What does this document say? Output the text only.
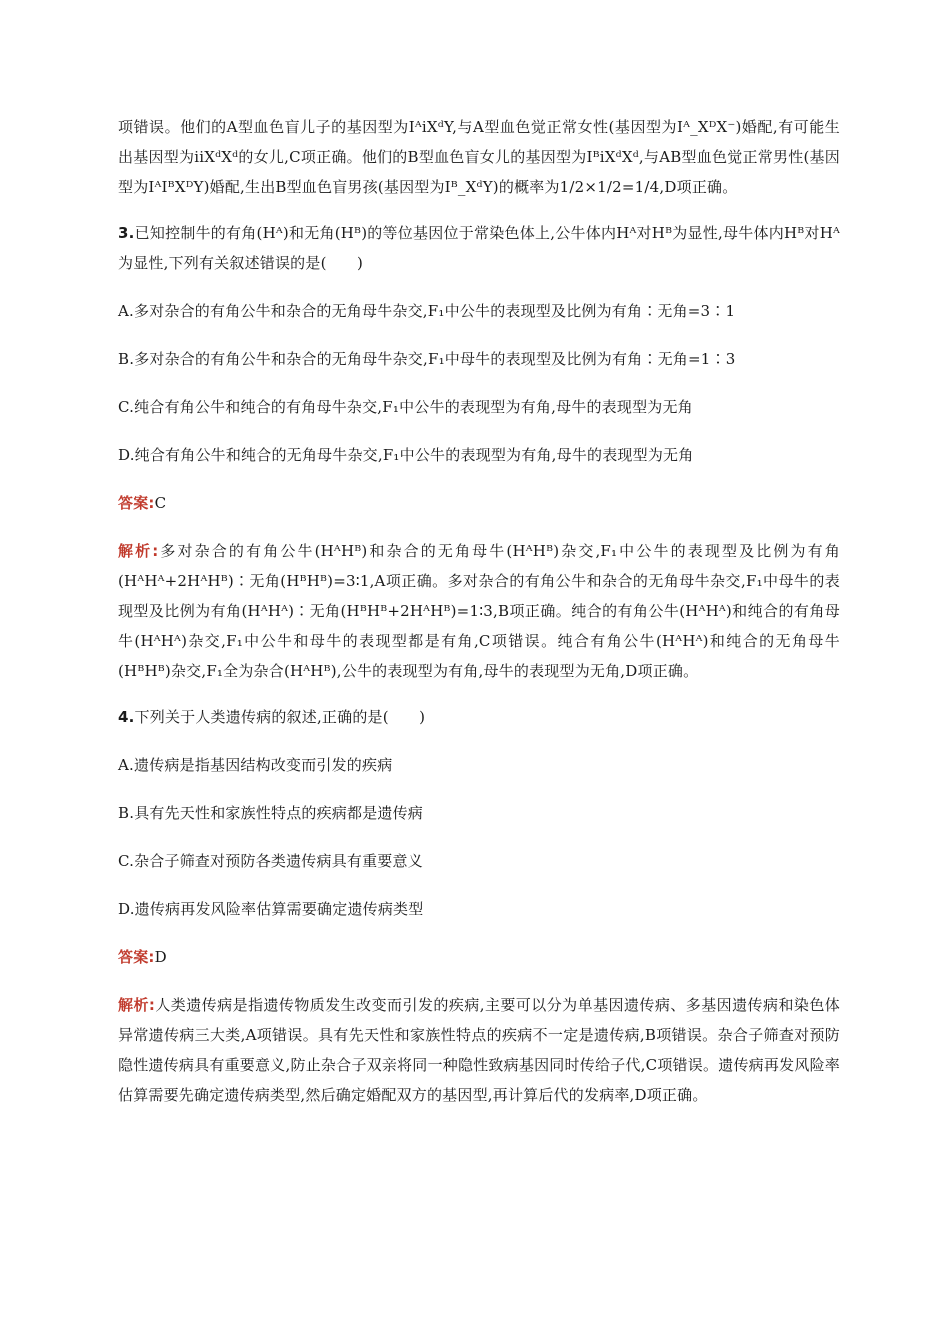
项错误。他们的A型血色盲儿子的基因型为IᴬiXᵈY,与A型血色觉正常女性(基因型为Iᴬ_XᴰX⁻)婚配,有可能生出基因型为iiXᵈXᵈ的女儿,C项正确。他们的B型血色盲女儿的基因型为IᴮiXᵈXᵈ,与AB型血色觉正常男性(基因型为IᴬIᴮXᴰY)婚配,生出B型血色盲男孩(基因型为Iᴮ_XᵈY)的概率为1/2×1/2=1/4,D项正确。

3.已知控制牛的有角(Hᴬ)和无角(Hᴮ)的等位基因位于常染色体上,公牛体内Hᴬ对Hᴮ为显性,母牛体内Hᴮ对Hᴬ为显性,下列有关叙述错误的是(　　)

A.多对杂合的有角公牛和杂合的无角母牛杂交,F₁中公牛的表现型及比例为有角∶无角=3∶1

B.多对杂合的有角公牛和杂合的无角母牛杂交,F₁中母牛的表现型及比例为有角∶无角=1∶3

C.纯合有角公牛和纯合的有角母牛杂交,F₁中公牛的表现型为有角,母牛的表现型为无角

D.纯合有角公牛和纯合的无角母牛杂交,F₁中公牛的表现型为有角,母牛的表现型为无角

答案:C

解析:多对杂合的有角公牛(HᴬHᴮ)和杂合的无角母牛(HᴬHᴮ)杂交,F₁中公牛的表现型及比例为有角(HᴬHᴬ+2HᴬHᴮ)∶无角(HᴮHᴮ)=3∶1,A项正确。多对杂合的有角公牛和杂合的无角母牛杂交,F₁中母牛的表现型及比例为有角(HᴬHᴬ)∶无角(HᴮHᴮ+2HᴬHᴮ)=1∶3,B项正确。纯合的有角公牛(HᴬHᴬ)和纯合的有角母牛(HᴬHᴬ)杂交,F₁中公牛和母牛的表现型都是有角,C项错误。纯合有角公牛(HᴬHᴬ)和纯合的无角母牛(HᴮHᴮ)杂交,F₁全为杂合(HᴬHᴮ),公牛的表现型为有角,母牛的表现型为无角,D项正确。

4.下列关于人类遗传病的叙述,正确的是(　　)

A.遗传病是指基因结构改变而引发的疾病

B.具有先天性和家族性特点的疾病都是遗传病

C.杂合子筛查对预防各类遗传病具有重要意义

D.遗传病再发风险率估算需要确定遗传病类型

答案:D

解析:人类遗传病是指遗传物质发生改变而引发的疾病,主要可以分为单基因遗传病、多基因遗传病和染色体异常遗传病三大类,A项错误。具有先天性和家族性特点的疾病不一定是遗传病,B项错误。杂合子筛查对预防隐性遗传病具有重要意义,防止杂合子双亲将同一种隐性致病基因同时传给子代,C项错误。遗传病再发风险率估算需要先确定遗传病类型,然后确定婚配双方的基因型,再计算后代的发病率,D项正确。
